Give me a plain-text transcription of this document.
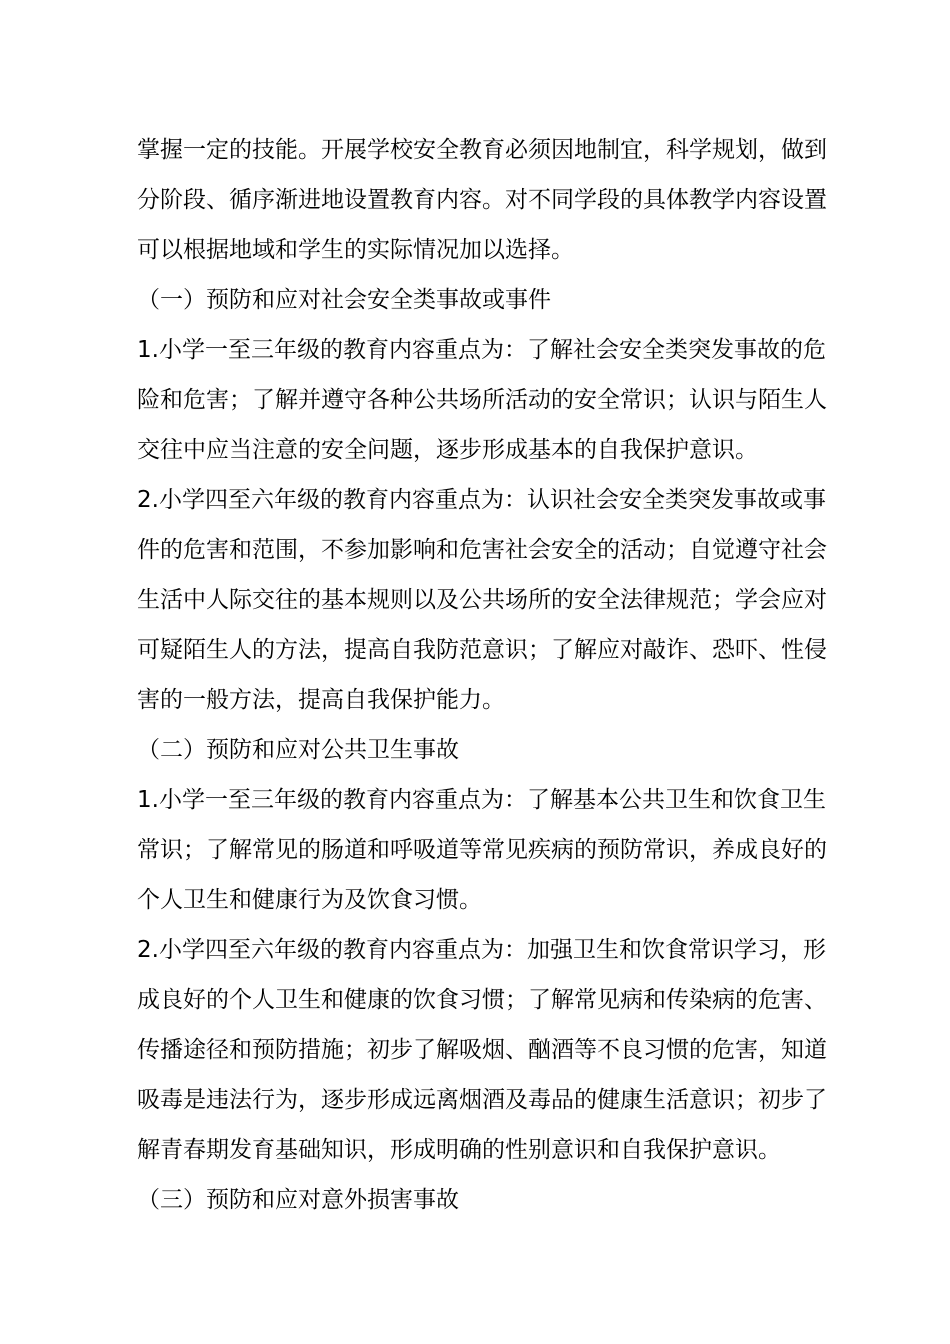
掌握一定的技能。开展学校安全教育必须因地制宜，科学规划，做到
分阶段、循序渐进地设置教育内容。对不同学段的具体教学内容设置
可以根据地域和学生的实际情况加以选择。
（一）预防和应对社会安全类事故或事件
1.小学一至三年级的教育内容重点为：了解社会安全类突发事故的危
险和危害；了解并遵守各种公共场所活动的安全常识；认识与陌生人
交往中应当注意的安全问题，逐步形成基本的自我保护意识。
2.小学四至六年级的教育内容重点为：认识社会安全类突发事故或事
件的危害和范围，不参加影响和危害社会安全的活动；自觉遵守社会
生活中人际交往的基本规则以及公共场所的安全法律规范；学会应对
可疑陌生人的方法，提高自我防范意识；了解应对敲诈、恐吓、性侵
害的一般方法，提高自我保护能力。
（二）预防和应对公共卫生事故
1.小学一至三年级的教育内容重点为：了解基本公共卫生和饮食卫生
常识；了解常见的肠道和呼吸道等常见疾病的预防常识，养成良好的
个人卫生和健康行为及饮食习惯。
2.小学四至六年级的教育内容重点为：加强卫生和饮食常识学习，形
成良好的个人卫生和健康的饮食习惯；了解常见病和传染病的危害、
传播途径和预防措施；初步了解吸烟、酗酒等不良习惯的危害，知道
吸毒是违法行为，逐步形成远离烟酒及毒品的健康生活意识；初步了
解青春期发育基础知识，形成明确的性别意识和自我保护意识。
（三）预防和应对意外损害事故
